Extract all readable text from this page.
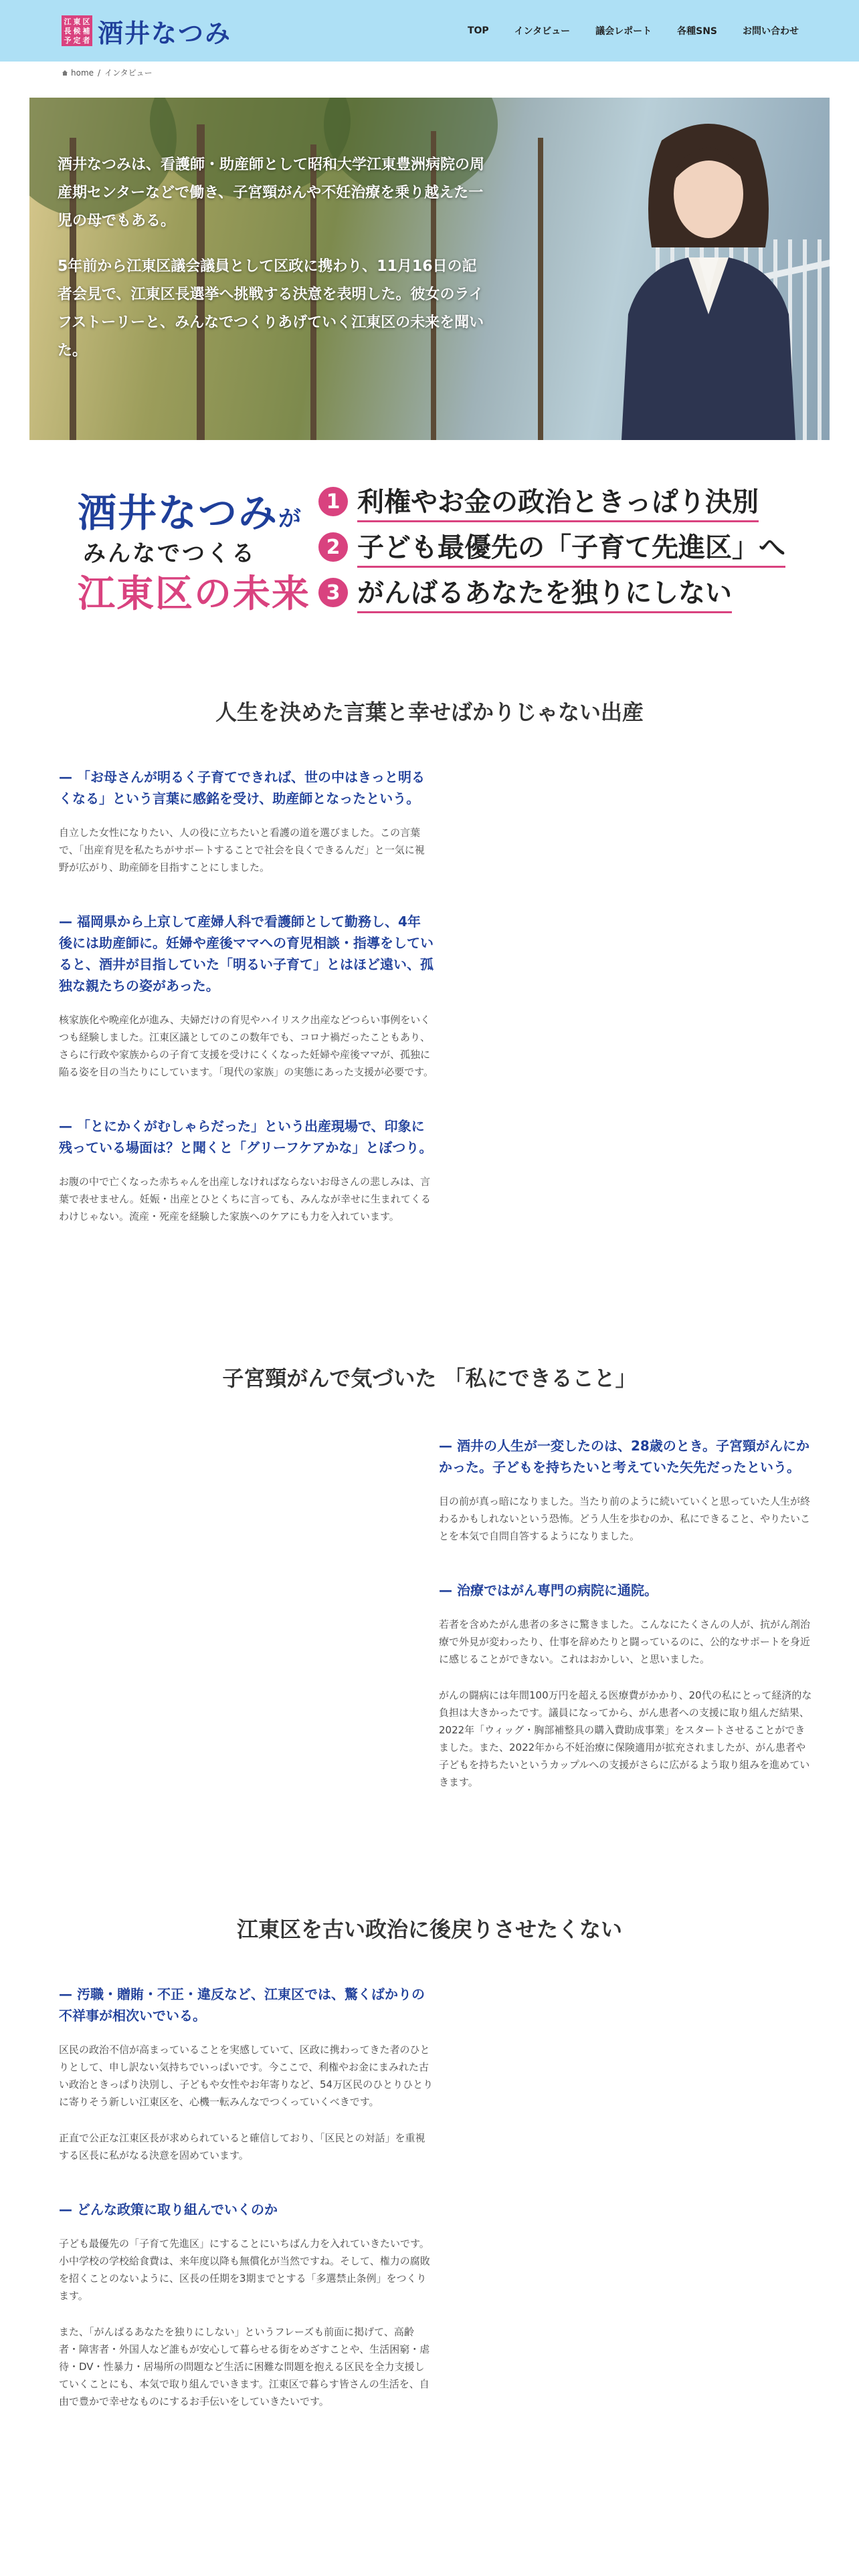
江 東 区
長 候 補
予 定 者 酒井なつみ	TOP	インタビュー	議会レポート	各種SNS	お問い合わせ
home / インタビュー

酒井なつみは、看護師・助産師として昭和大学江東豊洲病院の周産期センターなどで働き、子宮頸がんや不妊治療を乗り越えた一児の母でもある。

5年前から江東区議会議員として区政に携わり、11月16日の記者会見で、江東区長選挙へ挑戦する決意を表明した。彼女のライフストーリーと、みんなでつくりあげていく江東区の未来を聞いた。

酒井なつみが
みんなでつくる
江東区の未来
1 利権やお金の政治ときっぱり決別
2 子ども最優先の「子育て先進区」へ
3 がんばるあなたを独りにしない
人生を決めた言葉と幸せばかりじゃない出産

— 「お母さんが明るく子育てできれば、世の中はきっと明るくなる」という言葉に感銘を受け、助産師となったという。

自立した女性になりたい、人の役に立ちたいと看護の道を選びました。この言葉で、「出産育児を私たちがサポートすることで社会を良くできるんだ」と一気に視野が広がり、助産師を目指すことにしました。

— 福岡県から上京して産婦人科で看護師として勤務し、4年後には助産師に。妊婦や産後ママへの育児相談・指導をしていると、酒井が目指していた「明るい子育て」とはほど遠い、孤独な親たちの姿があった。

核家族化や晩産化が進み、夫婦だけの育児やハイリスク出産などつらい事例をいくつも経験しました。江東区議としてのこの数年でも、コロナ禍だったこともあり、さらに行政や家族からの子育て支援を受けにくくなった妊婦や産後ママが、孤独に陥る姿を目の当たりにしています。「現代の家族」の実態にあった支援が必要です。

— 「とにかくがむしゃらだった」という出産現場で、印象に残っている場面は？と聞くと「グリーフケアかな」とぼつり。

お腹の中で亡くなった赤ちゃんを出産しなければならないお母さんの悲しみは、言葉で表せません。妊娠・出産とひとくちに言っても、みんなが幸せに生まれてくるわけじゃない。流産・死産を経験した家族へのケアにも力を入れています。

子宮頸がんで気づいた 「私にできること」

— 酒井の人生が一変したのは、28歳のとき。子宮頸がんにかかった。子どもを持ちたいと考えていた矢先だったという。

目の前が真っ暗になりました。当たり前のように続いていくと思っていた人生が終わるかもしれないという恐怖。どう人生を歩むのか、私にできること、やりたいことを本気で自問自答するようになりました。

— 治療ではがん専門の病院に通院。

若者を含めたがん患者の多さに驚きました。こんなにたくさんの人が、抗がん剤治療で外見が変わったり、仕事を辞めたりと闘っているのに、公的なサポートを身近に感じることができない。これはおかしい、と思いました。

がんの闘病には年間100万円を超える医療費がかかり、20代の私にとって経済的な負担は大きかったです。議員になってから、がん患者への支援に取り組んだ結果、2022年「ウィッグ・胸部補整具の購入費助成事業」をスタートさせることができました。また、2022年から不妊治療に保険適用が拡充されましたが、がん患者や子どもを持ちたいというカップルへの支援がさらに広がるよう取り組みを進めていきます。

江東区を古い政治に後戻りさせたくない

— 汚職・贈賄・不正・違反など、江東区では、驚くばかりの不祥事が相次いでいる。

区民の政治不信が高まっていることを実感していて、区政に携わってきた者のひとりとして、申し訳ない気持ちでいっぱいです。今ここで、利権やお金にまみれた古い政治ときっぱり決別し、子どもや女性やお年寄りなど、54万区民のひとりひとりに寄りそう新しい江東区を、心機一転みんなでつくっていくべきです。

正直で公正な江東区長が求められていると確信しており、「区民との対話」を重視する区長に私がなる決意を固めています。

— どんな政策に取り組んでいくのか

子ども最優先の「子育て先進区」にすることにいちばん力を入れていきたいです。小中学校の学校給食費は、来年度以降も無償化が当然ですね。そして、権力の腐敗を招くことのないように、区長の任期を3期までとする「多選禁止条例」をつくります。

また、「がんばるあなたを独りにしない」というフレーズも前面に掲げて、高齢者・障害者・外国人など誰もが安心して暮らせる街をめざすことや、生活困窮・虐待・DV・性暴力・居場所の問題など生活に困難な問題を抱える区民を全力支援していくことにも、本気で取り組んでいきます。江東区で暮らす皆さんの生活を、自由で豊かで幸せなものにするお手伝いをしていきたいです。
